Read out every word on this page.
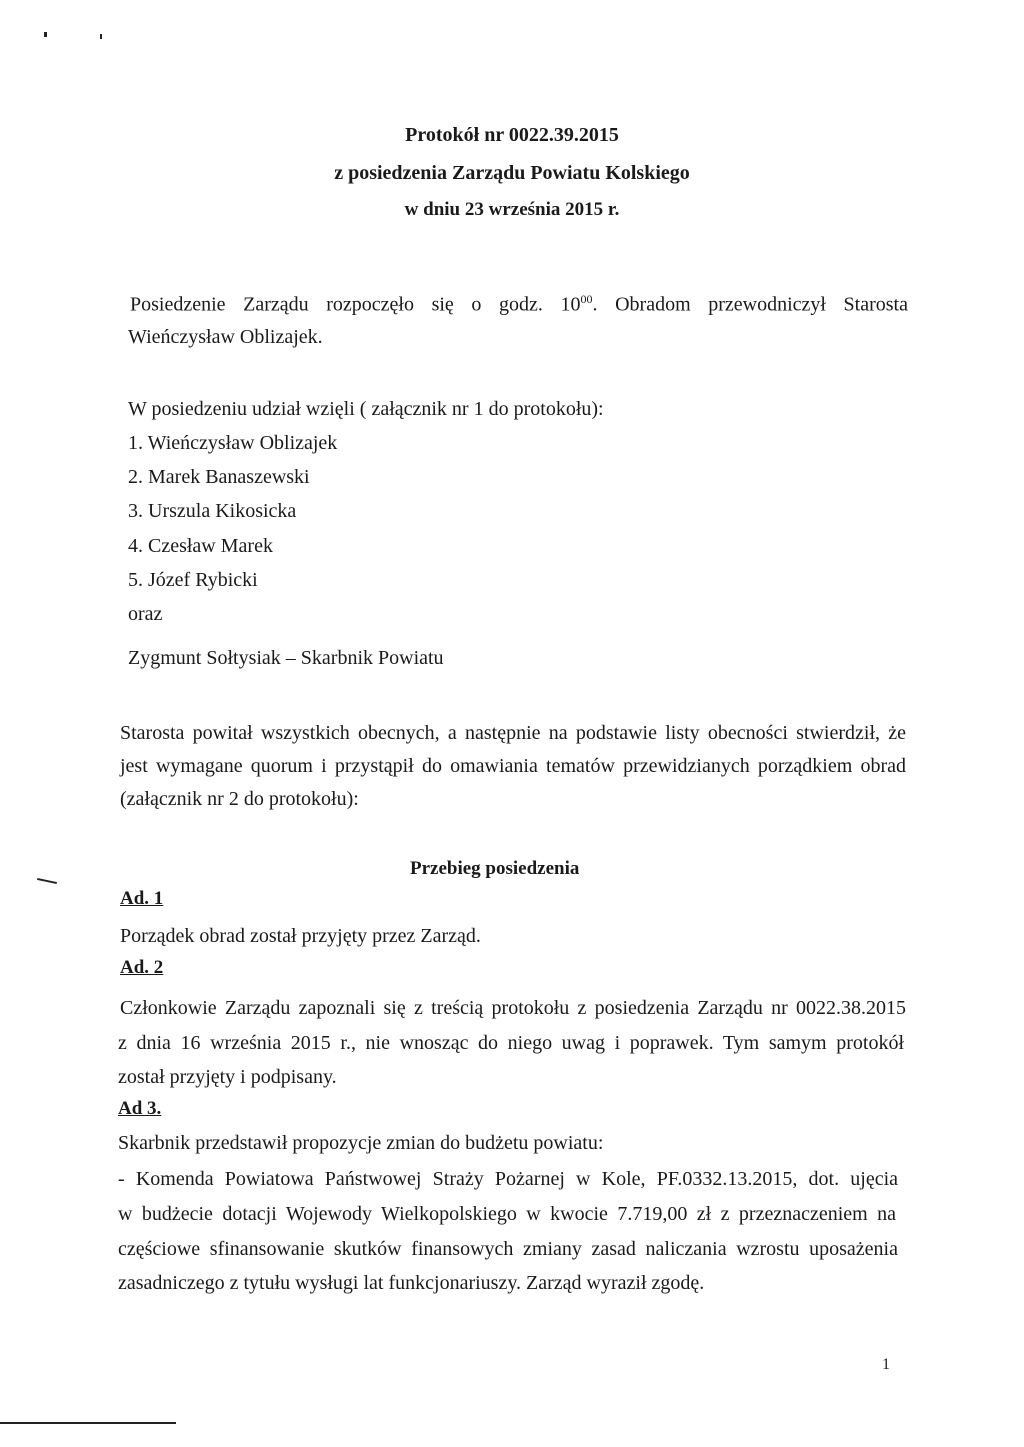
Protokół nr 0022.39.2015
z posiedzenia Zarządu Powiatu Kolskiego
w dniu 23 września 2015 r.
Posiedzenie Zarządu rozpoczęło się o godz. $10^{00}$. Obradom przewodniczył Starosta
Wieńczysław Oblizajek.
W posiedzeniu udział wzięli ( załącznik nr 1 do protokołu):
1. Wieńczysław Oblizajek
2. Marek Banaszewski
3. Urszula Kikosicka
4. Czesław Marek
5. Józef Rybicki
oraz
Zygmunt Sołtysiak – Skarbnik Powiatu
Starosta powitał wszystkich obecnych, a następnie na podstawie listy obecności stwierdził, że
jest wymagane quorum i przystąpił do omawiania tematów przewidzianych porządkiem obrad
(załącznik nr 2 do protokołu):
Przebieg posiedzenia
Ad. 1
Porządek obrad został przyjęty przez Zarząd.
Ad. 2
Członkowie Zarządu zapoznali się z treścią protokołu z posiedzenia Zarządu nr 0022.38.2015
z dnia 16 września 2015 r., nie wnosząc do niego uwag i poprawek. Tym samym protokół
został przyjęty i podpisany.
Ad 3.
Skarbnik przedstawił propozycje zmian do budżetu powiatu:
- Komenda Powiatowa Państwowej Straży Pożarnej w Kole, PF.0332.13.2015, dot. ujęcia
w budżecie dotacji Wojewody Wielkopolskiego w kwocie 7.719,00 zł z przeznaczeniem na
częściowe sfinansowanie skutków finansowych zmiany zasad naliczania wzrostu uposażenia
zasadniczego z tytułu wysługi lat funkcjonariuszy. Zarząd wyraził zgodę.
1
